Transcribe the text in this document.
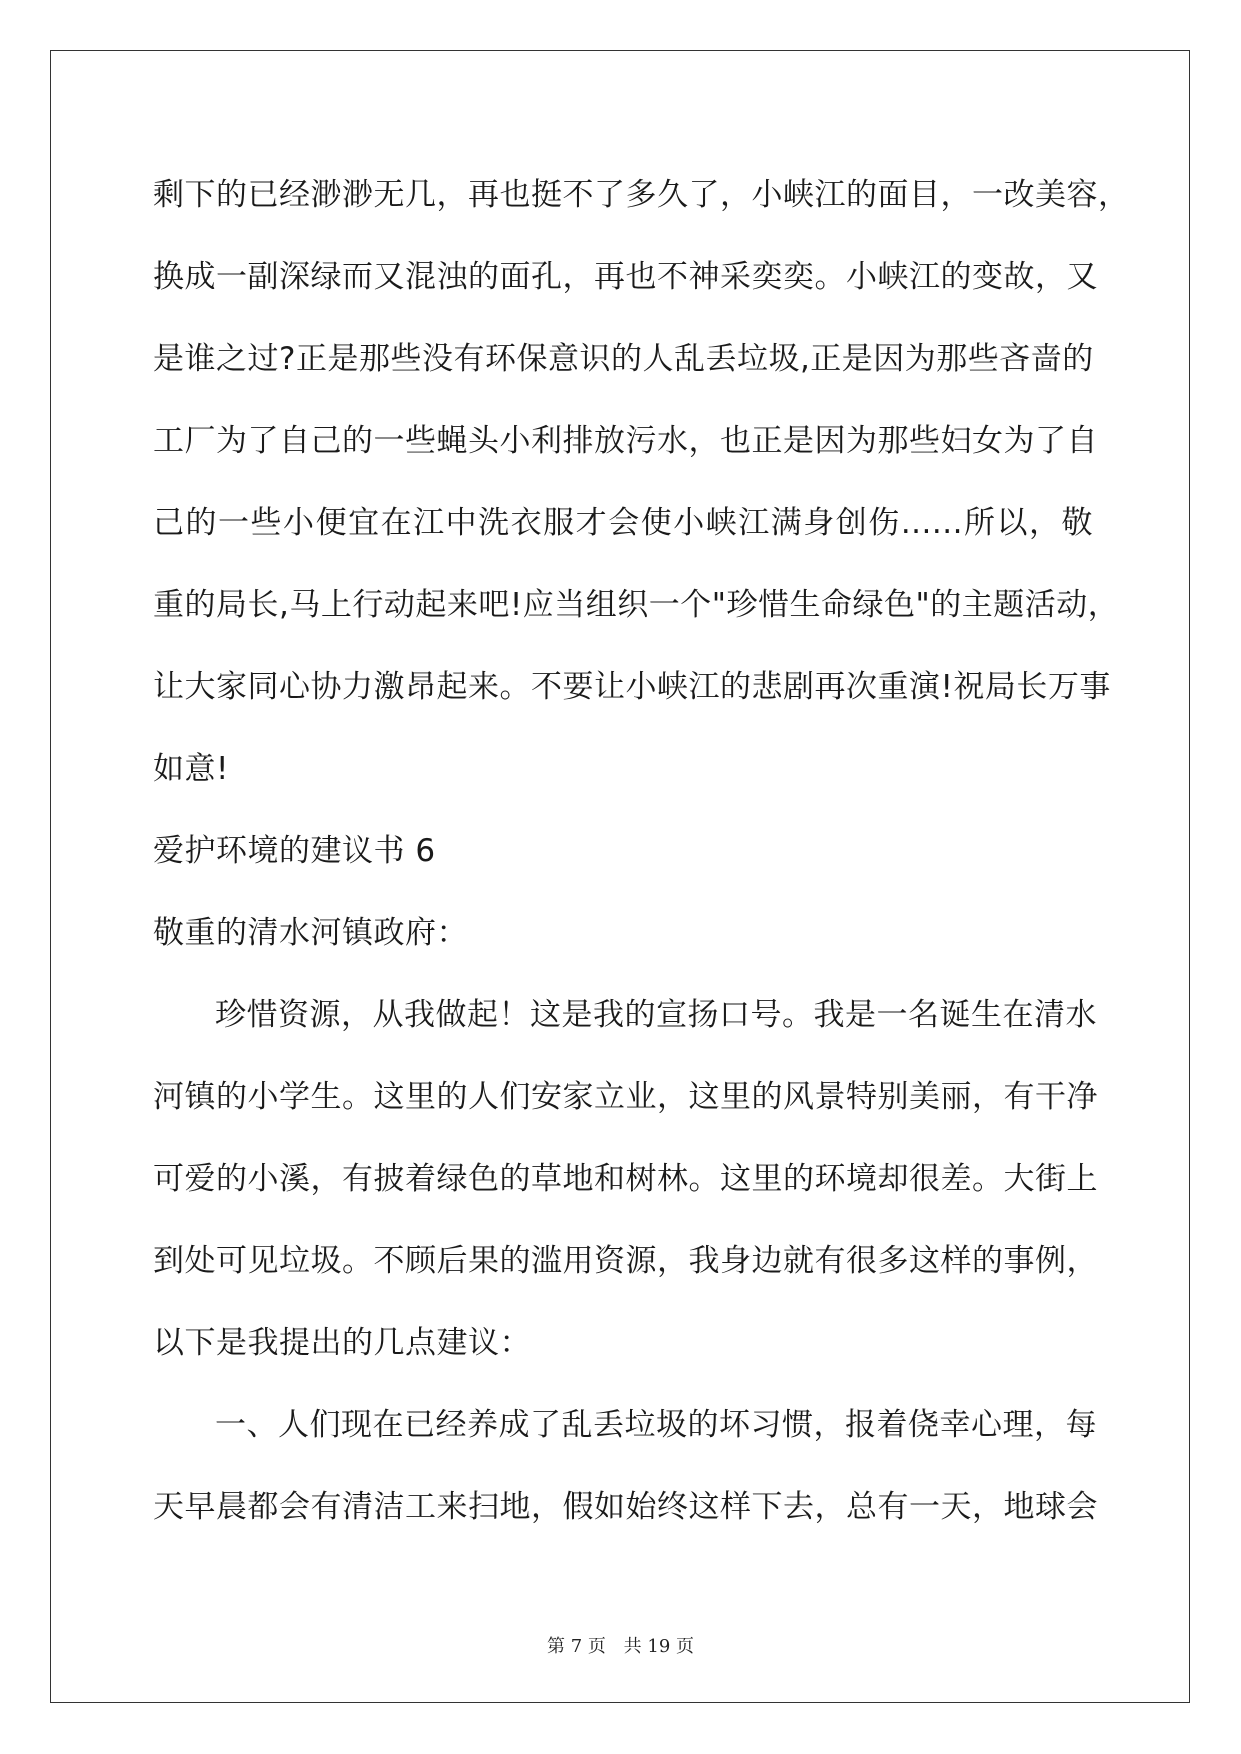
剩下的已经渺渺无几，再也挺不了多久了，小峡江的面目，一改美容，
换成一副深绿而又混浊的面孔，再也不神采奕奕。小峡江的变故，又
是谁之过?正是那些没有环保意识的人乱丢垃圾,正是因为那些吝啬的
工厂为了自己的一些蝇头小利排放污水，也正是因为那些妇女为了自
己的一些小便宜在江中洗衣服才会使小峡江满身创伤......所以，敬
重的局长,马上行动起来吧!应当组织一个"珍惜生命绿色"的主题活动，
让大家同心协力激昂起来。不要让小峡江的悲剧再次重演!祝局长万事
如意!
爱护环境的建议书 6
敬重的清水河镇政府：
珍惜资源，从我做起！这是我的宣扬口号。我是一名诞生在清水
河镇的小学生。这里的人们安家立业，这里的风景特别美丽，有干净
可爱的小溪，有披着绿色的草地和树林。这里的环境却很差。大街上
到处可见垃圾。不顾后果的滥用资源，我身边就有很多这样的事例，
以下是我提出的几点建议：
一、人们现在已经养成了乱丢垃圾的坏习惯，报着侥幸心理，每
天早晨都会有清洁工来扫地，假如始终这样下去，总有一天，地球会
第 7 页 共 19 页
